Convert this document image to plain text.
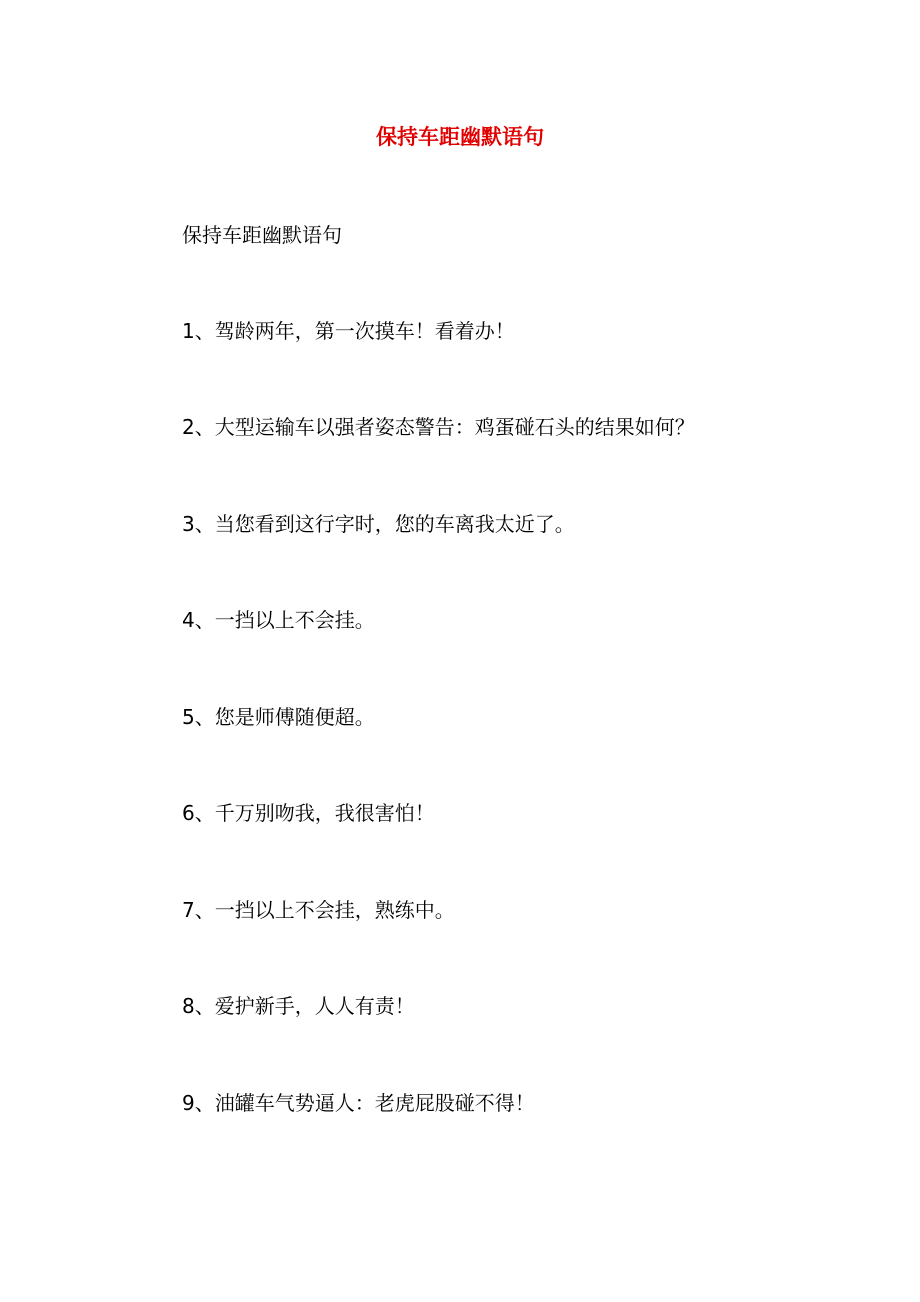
保持车距幽默语句
保持车距幽默语句
1、驾龄两年，第一次摸车！看着办！
2、大型运输车以强者姿态警告：鸡蛋碰石头的结果如何？
3、当您看到这行字时，您的车离我太近了。
4、一挡以上不会挂。
5、您是师傅随便超。
6、千万别吻我，我很害怕！
7、一挡以上不会挂，熟练中。
8、爱护新手，人人有责！
9、油罐车气势逼人：老虎屁股碰不得！
